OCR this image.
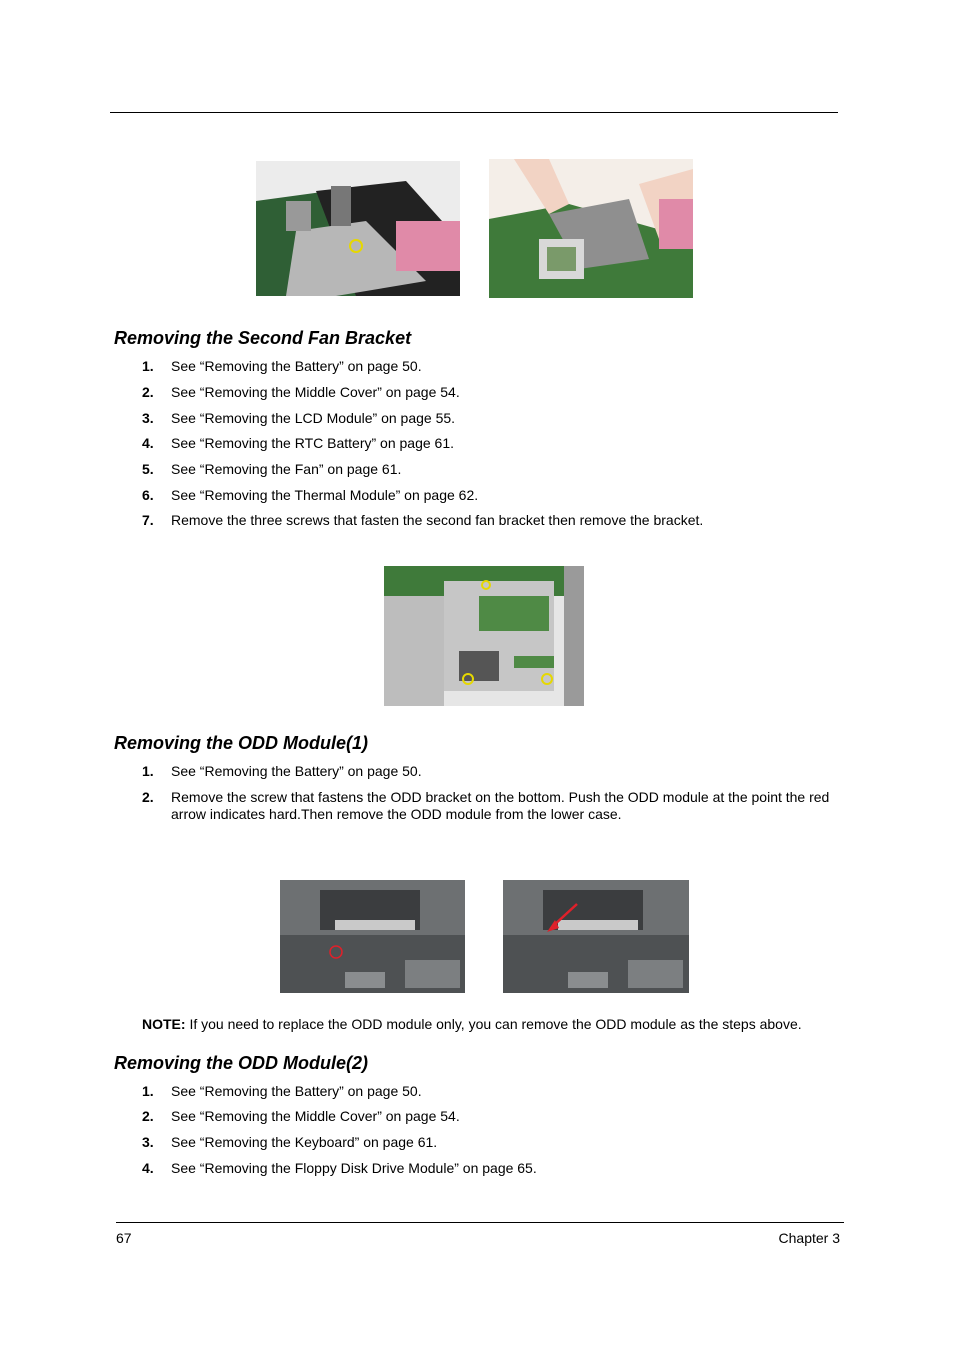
Removing the Second Fan Bracket
1. See “Removing the Battery” on page 50.
2. See “Removing the Middle Cover” on page 54.
3. See “Removing the LCD Module” on page 55.
4. See “Removing the RTC Battery” on page 61.
5. See “Removing the Fan” on page 61.
6. See “Removing the Thermal Module” on page 62.
7. Remove the three screws that fasten the second fan bracket then remove the bracket.
Removing the ODD Module(1)
1. See “Removing the Battery” on page 50.
2. Remove the screw that fastens the ODD bracket on the bottom. Push the ODD module at the point the red arrow indicates hard.Then remove the ODD module from the lower case.

NOTE: If you need to replace the ODD module only, you can remove the ODD module as the steps above.

Removing the ODD Module(2)
1. See “Removing the Battery” on page 50.
2. See “Removing the Middle Cover” on page 54.
3. See “Removing the Keyboard” on page 61.
4. See “Removing the Floppy Disk Drive Module” on page 65.
67	Chapter 3
